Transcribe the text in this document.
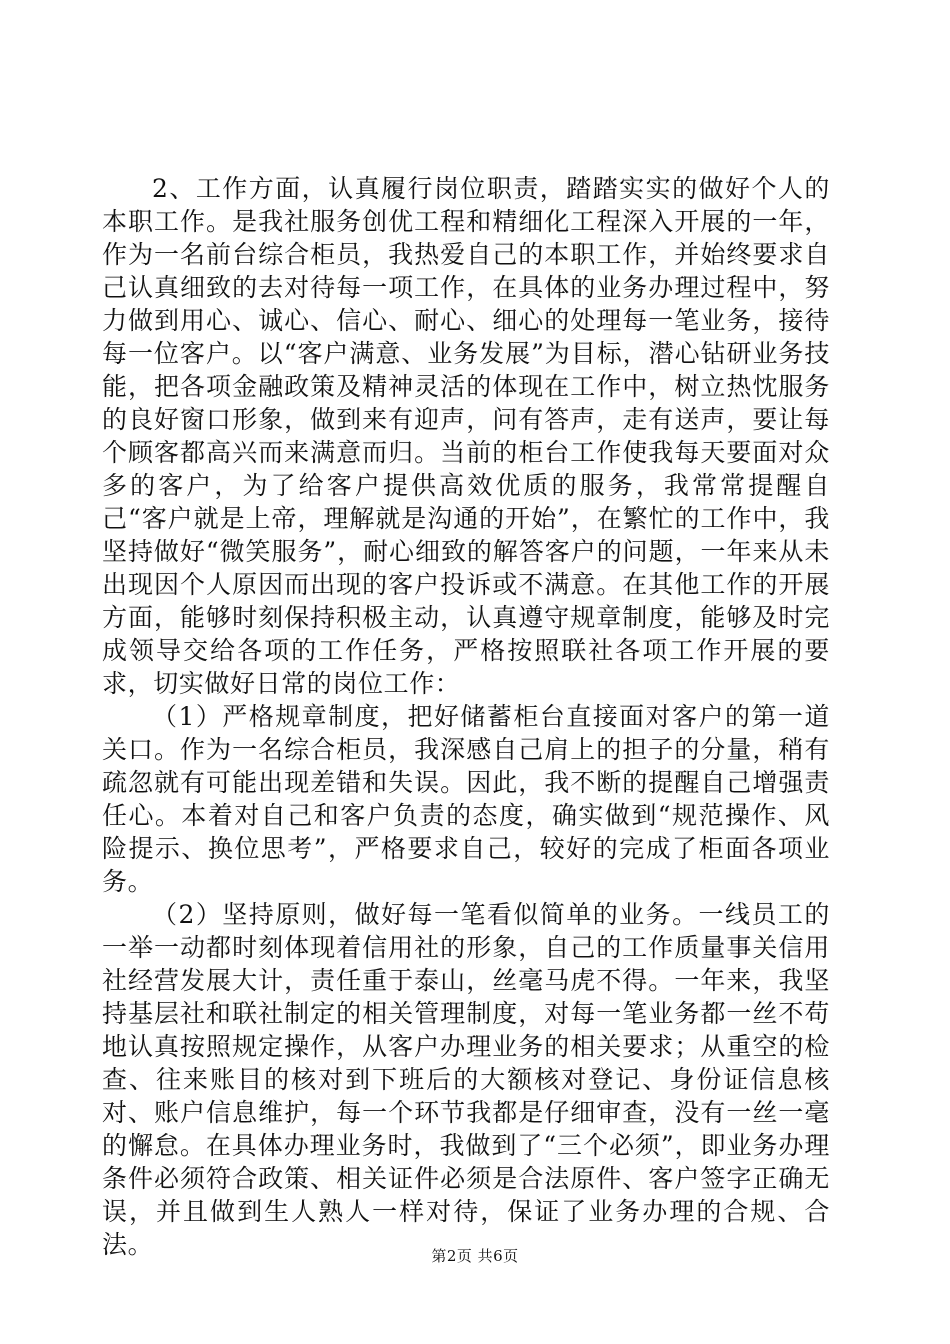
2、工作方面，认真履行岗位职责，踏踏实实的做好个人的本职工作。是我社服务创优工程和精细化工程深入开展的一年，作为一名前台综合柜员，我热爱自己的本职工作，并始终要求自己认真细致的去对待每一项工作，在具体的业务办理过程中，努力做到用心、诚心、信心、耐心、细心的处理每一笔业务，接待每一位客户。以“客户满意、业务发展”为目标，潜心钻研业务技能，把各项金融政策及精神灵活的体现在工作中，树立热忱服务的良好窗口形象，做到来有迎声，问有答声，走有送声，要让每个顾客都高兴而来满意而归。当前的柜台工作使我每天要面对众多的客户，为了给客户提供高效优质的服务，我常常提醒自己“客户就是上帝，理解就是沟通的开始”，在繁忙的工作中，我坚持做好“微笑服务”，耐心细致的解答客户的问题，一年来从未出现因个人原因而出现的客户投诉或不满意。在其他工作的开展方面，能够时刻保持积极主动，认真遵守规章制度，能够及时完成领导交给各项的工作任务，严格按照联社各项工作开展的要求，切实做好日常的岗位工作：

（1）严格规章制度，把好储蓄柜台直接面对客户的第一道关口。作为一名综合柜员，我深感自己肩上的担子的分量，稍有疏忽就有可能出现差错和失误。因此，我不断的提醒自己增强责任心。本着对自己和客户负责的态度，确实做到“规范操作、风险提示、换位思考”，严格要求自己，较好的完成了柜面各项业务。

（2）坚持原则，做好每一笔看似简单的业务。一线员工的一举一动都时刻体现着信用社的形象，自己的工作质量事关信用社经营发展大计，责任重于泰山，丝毫马虎不得。一年来，我坚持基层社和联社制定的相关管理制度，对每一笔业务都一丝不苟地认真按照规定操作，从客户办理业务的相关要求；从重空的检查、往来账目的核对到下班后的大额核对登记、身份证信息核对、账户信息维护，每一个环节我都是仔细审查，没有一丝一毫的懈怠。在具体办理业务时，我做到了“三个必须”，即业务办理条件必须符合政策、相关证件必须是合法原件、客户签字正确无误，并且做到生人熟人一样对待，保证了业务办理的合规、合法。	第2页 共6页
